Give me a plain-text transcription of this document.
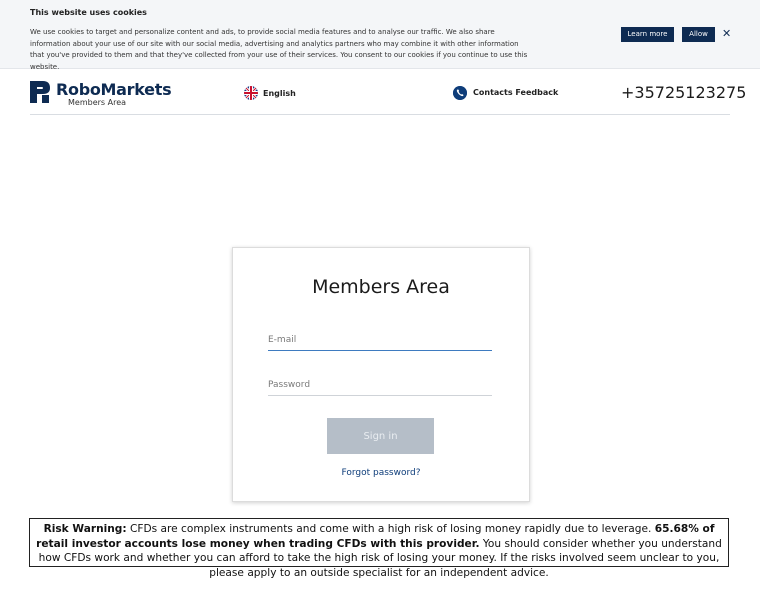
This website uses cookies
We use cookies to target and personalize content and ads, to provide social media features and to analyse our traffic. We also share information about your use of our site with our social media, advertising and analytics partners who may combine it with other information that you've provided to them and that they've collected from your use of their services. You consent to our cookies if you continue to use this website.
Learn more	Allow	✕
RoboMarkets
Members Area
English	Contacts Feedback	+35725123275
Members Area
E-mail
Sign in
Forgot password?
Risk Warning: CFDs are complex instruments and come with a high risk of losing money rapidly due to leverage. 65.68% of retail investor accounts lose money when trading CFDs with this provider. You should consider whether you understand how CFDs work and whether you can afford to take the high risk of losing your money. If the risks involved seem unclear to you, please apply to an outside specialist for an independent advice.
